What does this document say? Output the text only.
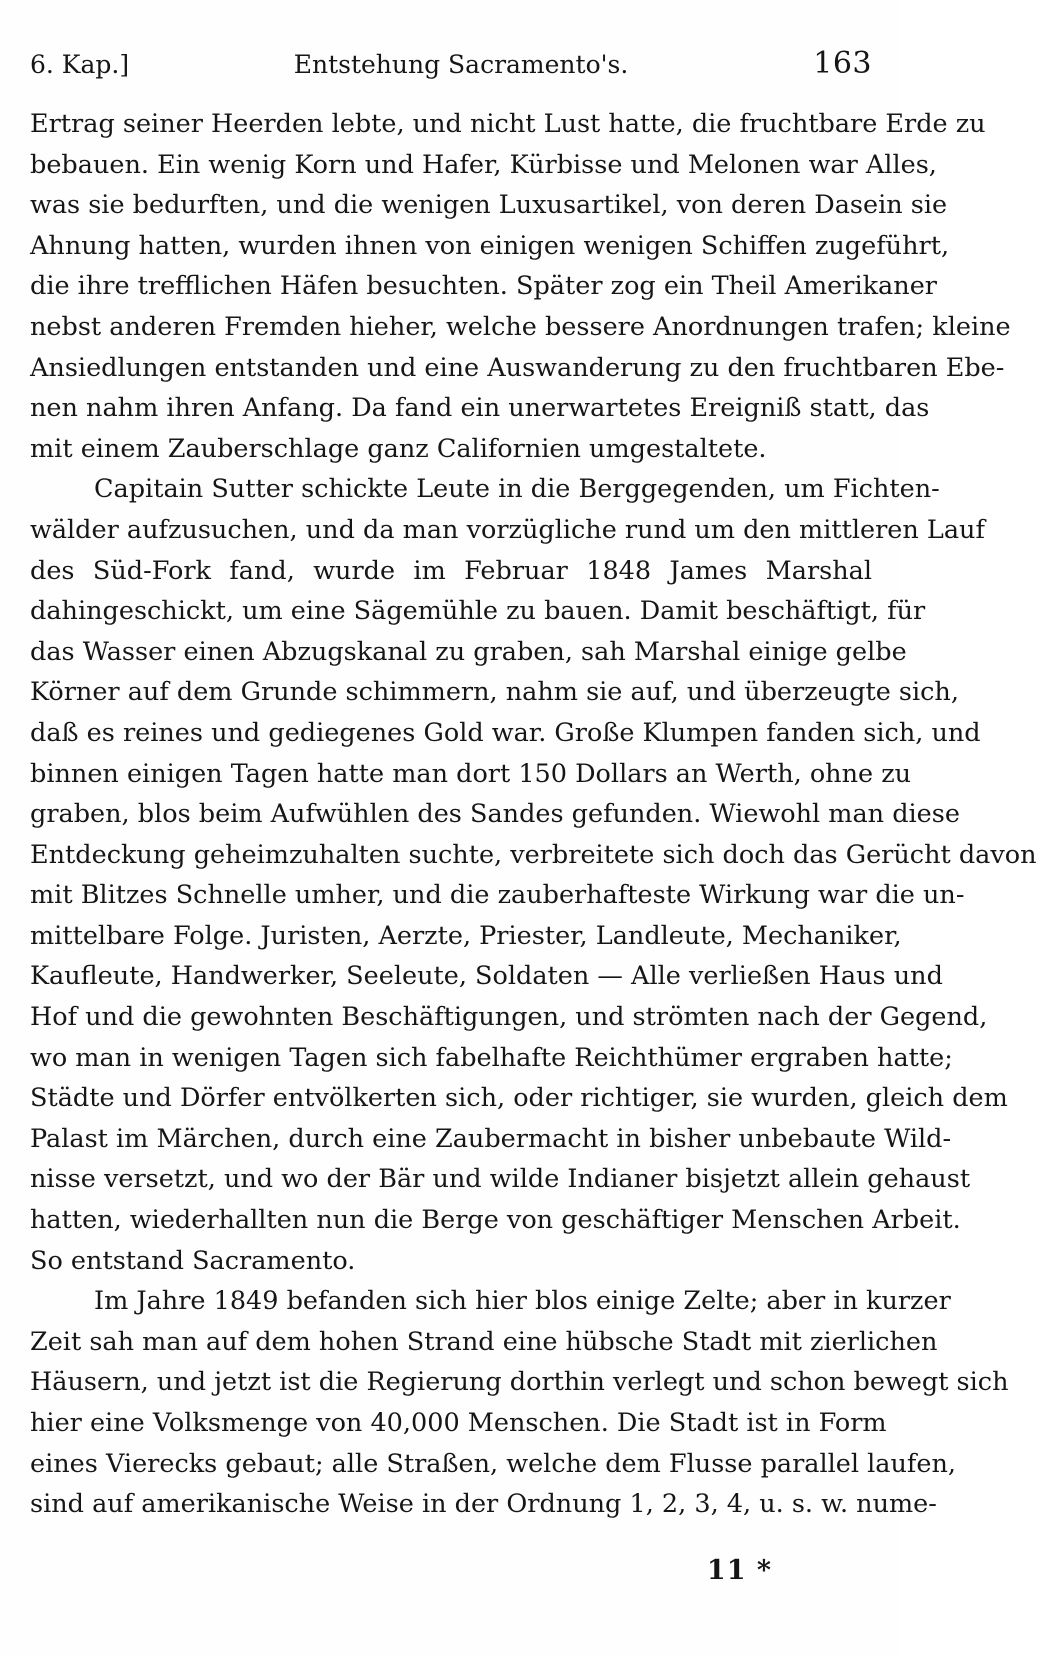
6. Kap.]	Entstehung Sacramento's.	163
Ertrag seiner Heerden lebte, und nicht Lust hatte, die fruchtbare Erde zu
bebauen. Ein wenig Korn und Hafer, Kürbisse und Melonen war Alles,
was sie bedurften, und die wenigen Luxusartikel, von deren Dasein sie
Ahnung hatten, wurden ihnen von einigen wenigen Schiffen zugeführt,
die ihre trefflichen Häfen besuchten. Später zog ein Theil Amerikaner
nebst anderen Fremden hieher, welche bessere Anordnungen trafen; kleine
Ansiedlungen entstanden und eine Auswanderung zu den fruchtbaren Ebe-
nen nahm ihren Anfang. Da fand ein unerwartetes Ereigniß statt, das
mit einem Zauberschlage ganz Californien umgestaltete.
Capitain Sutter schickte Leute in die Berggegenden, um Fichten-
wälder aufzusuchen, und da man vorzügliche rund um den mittleren Lauf
des Süd-Fork fand, wurde im Februar 1848 James Marshal
dahingeschickt, um eine Sägemühle zu bauen. Damit beschäftigt, für
das Wasser einen Abzugskanal zu graben, sah Marshal einige gelbe
Körner auf dem Grunde schimmern, nahm sie auf, und überzeugte sich,
daß es reines und gediegenes Gold war. Große Klumpen fanden sich, und
binnen einigen Tagen hatte man dort 150 Dollars an Werth, ohne zu
graben, blos beim Aufwühlen des Sandes gefunden. Wiewohl man diese
Entdeckung geheimzuhalten suchte, verbreitete sich doch das Gerücht davon
mit Blitzes Schnelle umher, und die zauberhafteste Wirkung war die un-
mittelbare Folge. Juristen, Aerzte, Priester, Landleute, Mechaniker,
Kaufleute, Handwerker, Seeleute, Soldaten — Alle verließen Haus und
Hof und die gewohnten Beschäftigungen, und strömten nach der Gegend,
wo man in wenigen Tagen sich fabelhafte Reichthümer ergraben hatte;
Städte und Dörfer entvölkerten sich, oder richtiger, sie wurden, gleich dem
Palast im Märchen, durch eine Zaubermacht in bisher unbebaute Wild-
nisse versetzt, und wo der Bär und wilde Indianer bisjetzt allein gehaust
hatten, wiederhallten nun die Berge von geschäftiger Menschen Arbeit.
So entstand Sacramento.
Im Jahre 1849 befanden sich hier blos einige Zelte; aber in kurzer
Zeit sah man auf dem hohen Strand eine hübsche Stadt mit zierlichen
Häusern, und jetzt ist die Regierung dorthin verlegt und schon bewegt sich
hier eine Volksmenge von 40,000 Menschen. Die Stadt ist in Form
eines Vierecks gebaut; alle Straßen, welche dem Flusse parallel laufen,
sind auf amerikanische Weise in der Ordnung 1, 2, 3, 4, u. s. w. nume-
11 *
